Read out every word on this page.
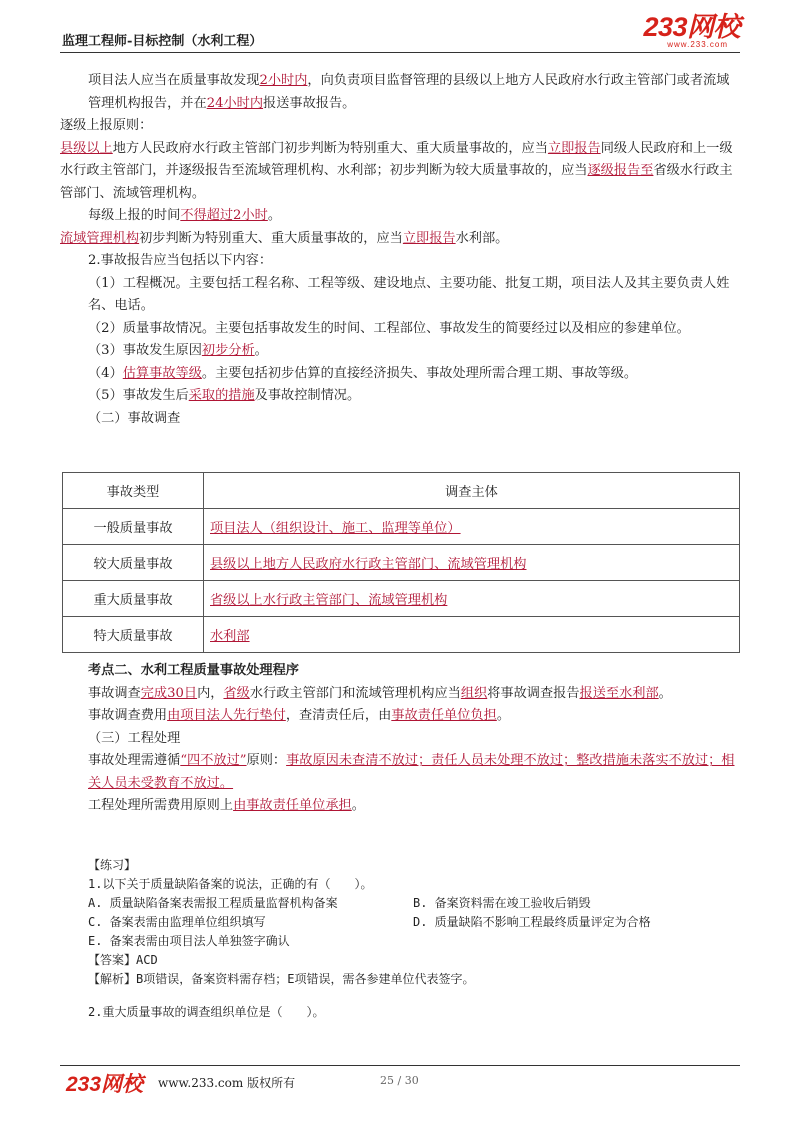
监理工程师-目标控制（水利工程）	233网校
www.233.com

项目法人应当在质量事故发现2小时内，向负责项目监督管理的县级以上地方人民政府水行政主管部门或者流域管理机构报告，并在24小时内报送事故报告。

逐级上报原则：

县级以上地方人民政府水行政主管部门初步判断为特别重大、重大质量事故的，应当立即报告同级人民政府和上一级水行政主管部门，并逐级报告至流域管理机构、水利部；初步判断为较大质量事故的，应当逐级报告至省级水行政主管部门、流域管理机构。

每级上报的时间不得超过2小时。

流域管理机构初步判断为特别重大、重大质量事故的，应当立即报告水利部。

2.事故报告应当包括以下内容：

（1）工程概况。主要包括工程名称、工程等级、建设地点、主要功能、批复工期，项目法人及其主要负责人姓名、电话。

（2）质量事故情况。主要包括事故发生的时间、工程部位、事故发生的简要经过以及相应的参建单位。

（3）事故发生原因初步分析。

（4）估算事故等级。主要包括初步估算的直接经济损失、事故处理所需合理工期、事故等级。

（5）事故发生后采取的措施及事故控制情况。

（二）事故调查

事故类型	调查主体
一般质量事故	项目法人（组织设计、施工、监理等单位）
较大质量事故	县级以上地方人民政府水行政主管部门、流域管理机构
重大质量事故	省级以上水行政主管部门、流域管理机构
特大质量事故	水利部

考点二、水利工程质量事故处理程序

事故调查完成30日内，省级水行政主管部门和流域管理机构应当组织将事故调查报告报送至水利部。

事故调查费用由项目法人先行垫付，查清责任后，由事故责任单位负担。

（三）工程处理

事故处理需遵循“四不放过”原则：事故原因未查清不放过；责任人员未处理不放过；整改措施未落实不放过；相关人员未受教育不放过。

工程处理所需费用原则上由事故责任单位承担。

【练习】

1.以下关于质量缺陷备案的说法，正确的有（　　）。

A. 质量缺陷备案表需报工程质量监督机构备案	B. 备案资料需在竣工验收后销毁
C. 备案表需由监理单位组织填写	D. 质量缺陷不影响工程最终质量评定为合格

E. 备案表需由项目法人单独签字确认

【答案】ACD

【解析】B项错误，备案资料需存档；E项错误，需各参建单位代表签字。

2.重大质量事故的调查组织单位是（　　）。

233网校 www.233.com 版权所有	25 / 30
